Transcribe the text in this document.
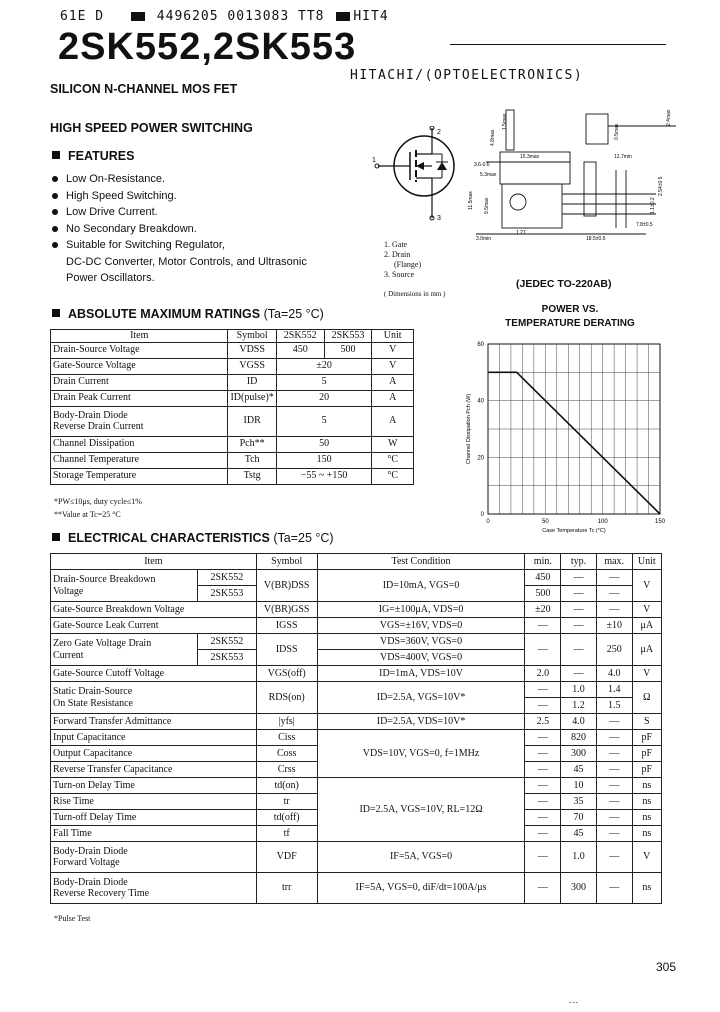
61E D	4496205 0013083 TT8 HIT4
2SK552,2SK553
HITACHI/(OPTOELECTRONICS)
SILICON N-CHANNEL MOS FET
HIGH SPEED POWER SWITCHING
FEATURES
Low On-Resistance.
High Speed Switching.
Low Drive Current.
No Secondary Breakdown.
Suitable for Switching Regulator,
DC-DC Converter, Motor Controls, and Ultrasonic
Power Oscillators.
1
2
3
15.3max	12.7min
3.6-0.6
5.3max
18.5±0.5
7.8±0.5
3.0min
1.27
11.5max 9.5max
4.8max
1.5max	2.4max
2.54±0.5
1.1±0.2
0.5max
1. Gate
2. Drain
(Flange)
3. Source
( Dimensions in mm )
(JEDEC TO-220AB)
ABSOLUTE MAXIMUM RATINGS (Ta=25 °C)
Item	Symbol	2SK552	2SK553	Unit
Drain-Source Voltage	VDSS	450	500	V
Gate-Source Voltage	VGSS	±20		V
Drain Current	ID	5		A
Drain Peak Current	ID(pulse)*	20		A

Body-Drain Diode
Reverse Drain Current	IDR	5		A
Channel Dissipation	Pch**	50		W
Channel Temperature	Tch	150		°C
Storage Temperature	Tstg	−55 ~ +150		°C
*PW≤10μs, duty cycle≤1%
**Value at Tc=25 °C
POWER VS.
TEMPERATURE DERATING
0	50	100	150
0
20
40
60
Case Temperature Tc (°C)
Channel Dissipation Pch (W)
ELECTRICAL CHARACTERISTICS (Ta=25 °C)
Item		Symbol	Test Condition	min.	typ.	max.	Unit

Drain-Source Breakdown
Voltage	2SK552	V(BR)DSS	ID=10mA, VGS=0	450	—	—	V
	2SK553			500	—	—	
Gate-Source Breakdown Voltage		V(BR)GSS	IG=±100μA, VDS=0	±20	—	—	V
Gate-Source Leak Current		IGSS	VGS=±16V, VDS=0	—	—	±10	μA

Zero Gate Voltage Drain
Current	2SK552	IDSS	VDS=360V, VGS=0	—	—	250	μA
	2SK553		VDS=400V, VGS=0				
Gate-Source Cutoff Voltage		VGS(off)	ID=1mA, VDS=10V	2.0	—	4.0	V

Static Drain-Source
On State Resistance		RDS(on)	ID=2.5A, VGS=10V*	—	1.0	1.4	Ω
				—	1.2	1.5	
Forward Transfer Admittance		|yfs|	ID=2.5A, VDS=10V*	2.5	4.0	—	S
Input Capacitance		Ciss	VDS=10V, VGS=0, f=1MHz	—	820	—	pF
Output Capacitance		Coss		—	300	—	pF
Reverse Transfer Capacitance		Crss		—	45	—	pF
Turn-on Delay Time		td(on)	ID=2.5A, VGS=10V, RL=12Ω	—	10	—	ns
Rise Time		tr		—	35	—	ns
Turn-off Delay Time		td(off)		—	70	—	ns
Fall Time		tf		—	45	—	ns

Body-Drain Diode
Forward Voltage		VDF	IF=5A, VGS=0	—	1.0	—	V

Body-Drain Diode
Reverse Recovery Time		trr	IF=5A, VGS=0, diF/dt=100A/μs	—	300	—	ns
*Pulse Test
305
---
